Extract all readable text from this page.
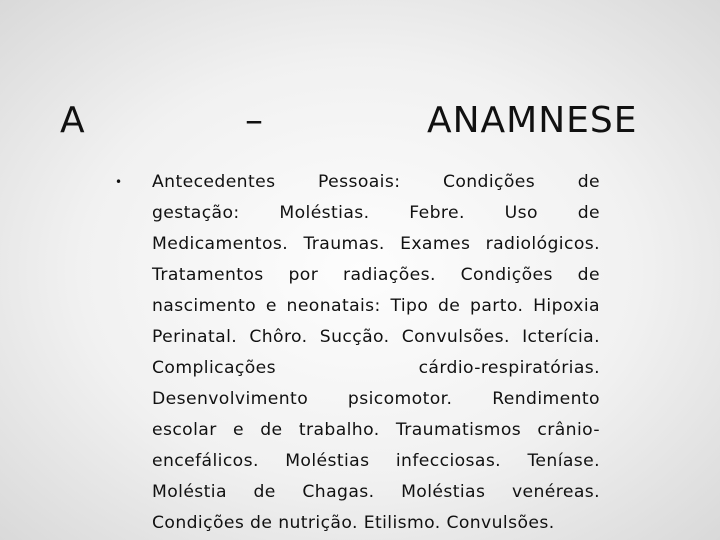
A	–	ANAMNESE
• Antecedentes Pessoais: Condições de
gestação: Moléstias. Febre. Uso de
Medicamentos. Traumas. Exames radiológicos.
Tratamentos por radiações. Condições de
nascimento e neonatais: Tipo de parto. Hipoxia
Perinatal. Chôro. Sucção. Convulsões. Icterícia.
Complicações	cárdio-respiratórias.
Desenvolvimento psicomotor. Rendimento
escolar e de trabalho. Traumatismos crânio-
encefálicos. Moléstias infecciosas. Teníase.
Moléstia de Chagas. Moléstias venéreas.
Condições de nutrição. Etilismo. Convulsões.
